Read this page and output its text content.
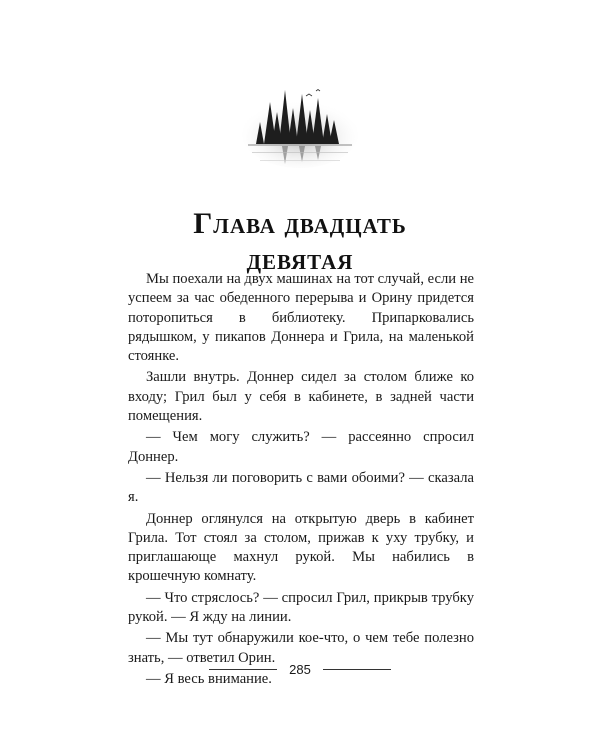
Глава двадцать
девятая

Мы поехали на двух машинах на тот случай, если не успеем за час обеденного перерыва и Орину придется поторопиться в библиотеку. Припарковались рядышком, у пикапов Доннера и Грила, на маленькой стоянке.

Зашли внутрь. Доннер сидел за столом ближе ко входу; Грил был у себя в кабинете, в задней части помещения.

— Чем могу служить? — рассеянно спросил Доннер.

— Нельзя ли поговорить с вами обоими? — сказала я.

Доннер оглянулся на открытую дверь в кабинет Грила. Тот стоял за столом, прижав к уху трубку, и приглашающе махнул рукой. Мы набились в крошечную комнату.

— Что стряслось? — спросил Грил, прикрыв трубку рукой. — Я жду на линии.

— Мы тут обнаружили кое-что, о чем тебе полезно знать, — ответил Орин.

— Я весь внимание.

285
